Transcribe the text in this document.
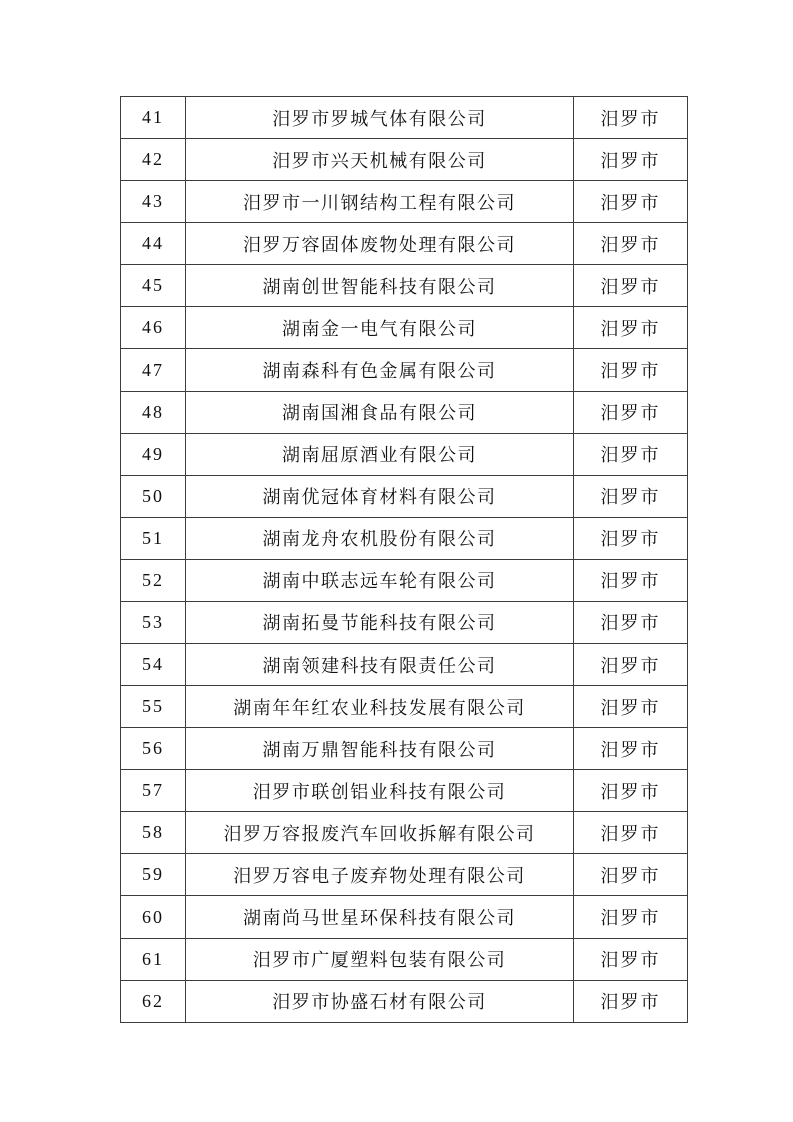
41	汨罗市罗城气体有限公司	汨罗市
42	汨罗市兴天机械有限公司	汨罗市
43	汨罗市一川钢结构工程有限公司	汨罗市
44	汨罗万容固体废物处理有限公司	汨罗市
45	湖南创世智能科技有限公司	汨罗市
46	湖南金一电气有限公司	汨罗市
47	湖南森科有色金属有限公司	汨罗市
48	湖南国湘食品有限公司	汨罗市
49	湖南屈原酒业有限公司	汨罗市
50	湖南优冠体育材料有限公司	汨罗市
51	湖南龙舟农机股份有限公司	汨罗市
52	湖南中联志远车轮有限公司	汨罗市
53	湖南拓曼节能科技有限公司	汨罗市
54	湖南领建科技有限责任公司	汨罗市
55	湖南年年红农业科技发展有限公司	汨罗市
56	湖南万鼎智能科技有限公司	汨罗市
57	汨罗市联创铝业科技有限公司	汨罗市
58	汨罗万容报废汽车回收拆解有限公司	汨罗市
59	汨罗万容电子废弃物处理有限公司	汨罗市
60	湖南尚马世星环保科技有限公司	汨罗市
61	汨罗市广厦塑料包装有限公司	汨罗市
62	汨罗市协盛石材有限公司	汨罗市
